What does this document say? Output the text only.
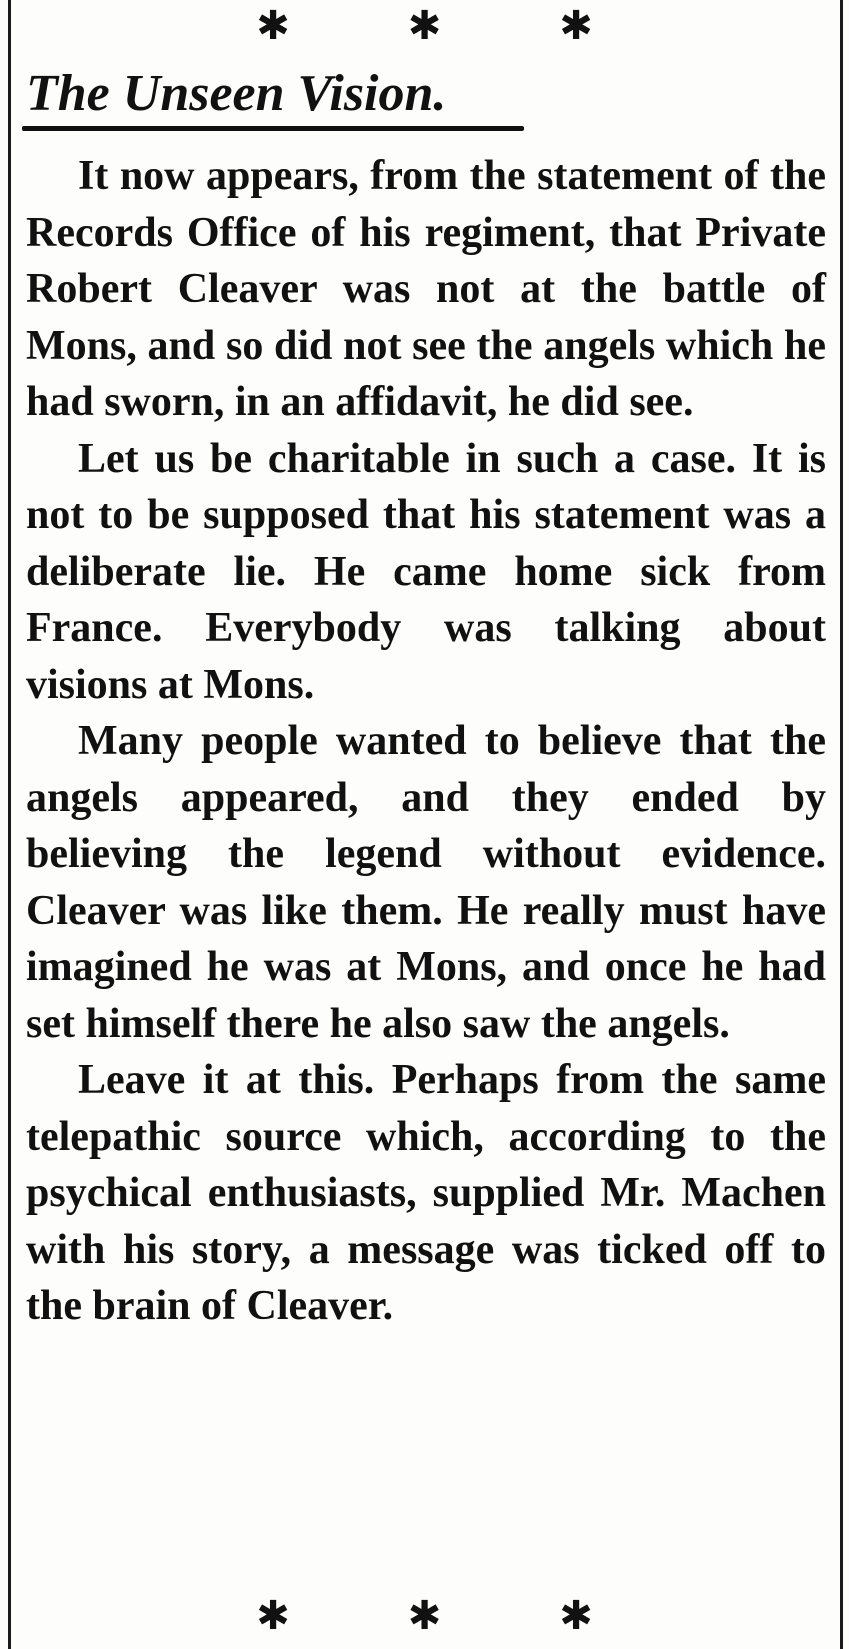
✱	✱	✱
The Unseen Vision.

It now appears, from the statement of the Records Office of his regiment, that Private Robert Cleaver was not at the battle of Mons, and so did not see the angels which he had sworn, in an affidavit, he did see.

Let us be charitable in such a case. It is not to be supposed that his statement was a deliberate lie. He came home sick from France. Everybody was talking about visions at Mons.

Many people wanted to believe that the angels appeared, and they ended by believing the legend without evidence. Cleaver was like them. He really must have imagined he was at Mons, and once he had set himself there he also saw the angels.

Leave it at this. Perhaps from the same telepathic source which, according to the psychical enthusiasts, supplied Mr. Machen with his story, a message was ticked off to the brain of Cleaver.

✱	✱	✱
